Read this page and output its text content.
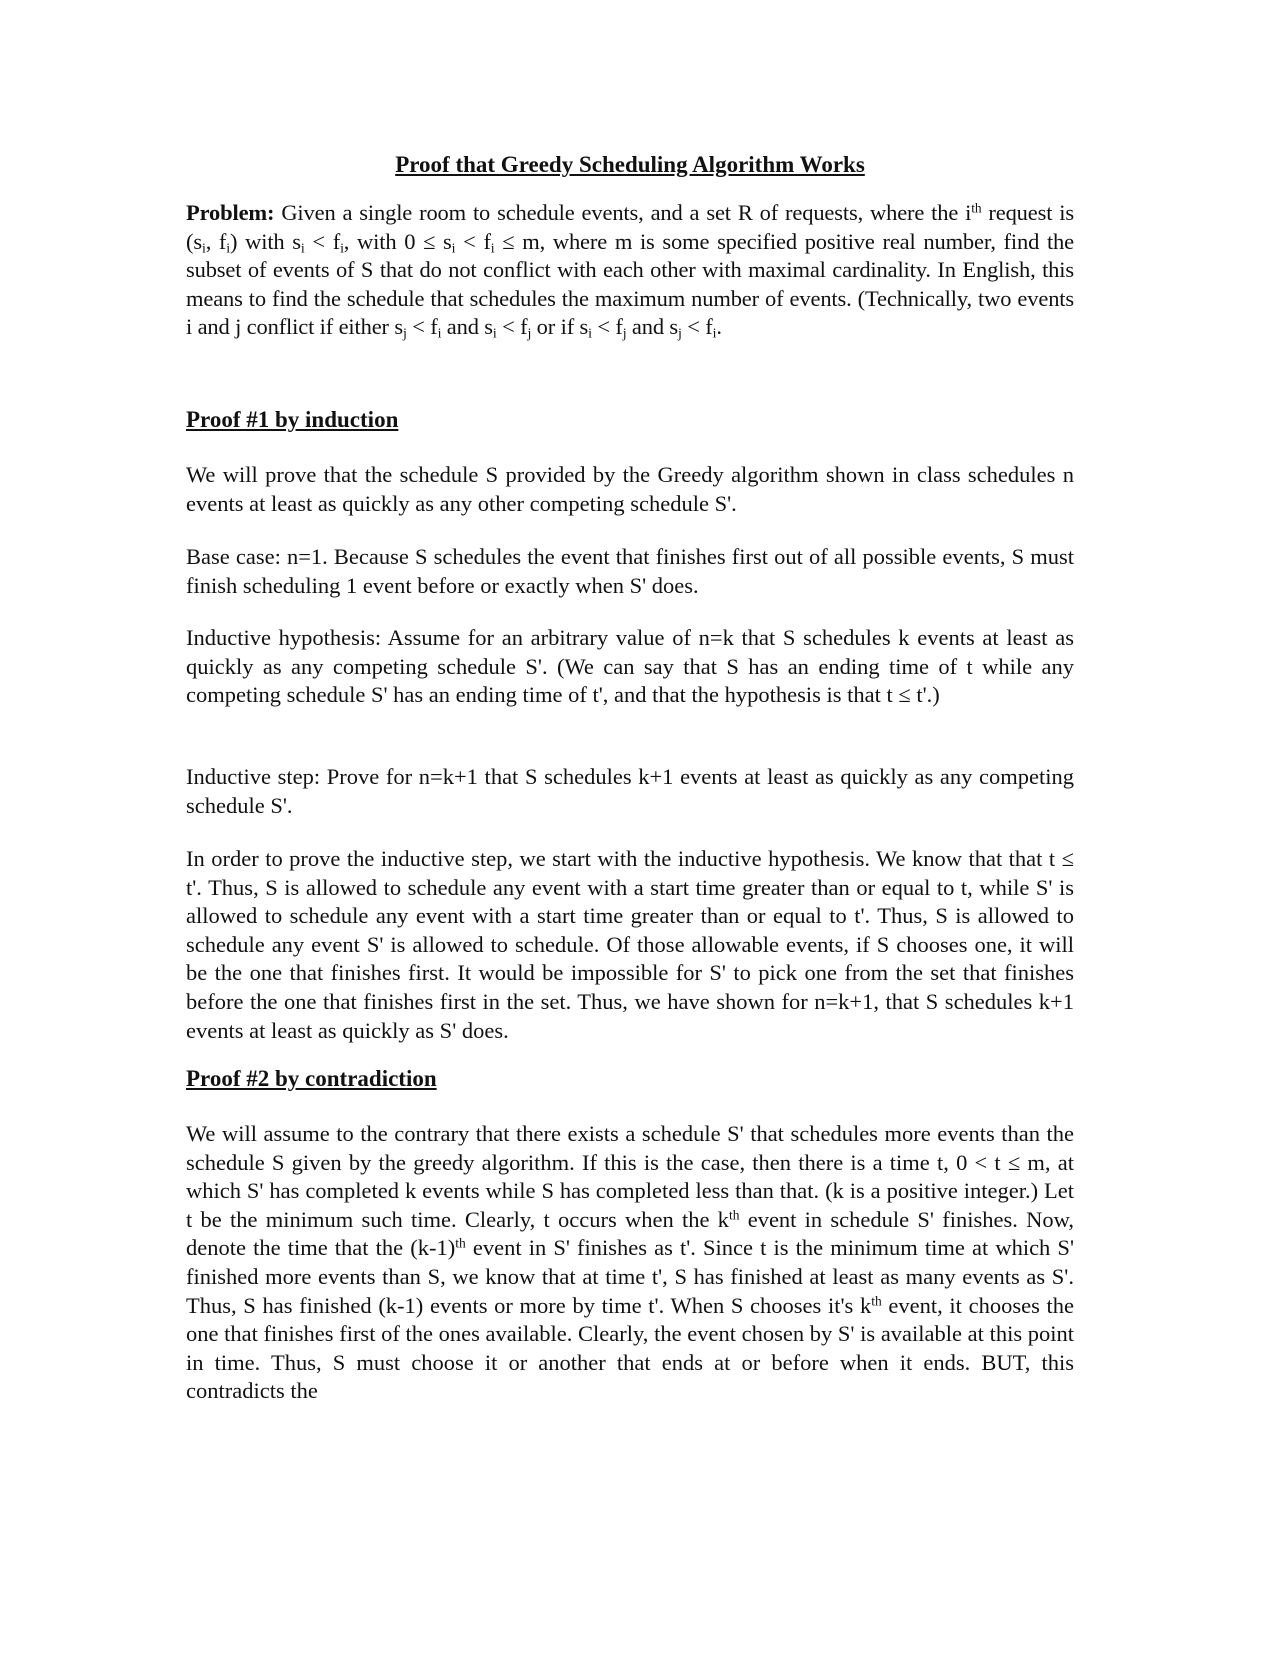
Proof that Greedy Scheduling Algorithm Works

Problem: Given a single room to schedule events, and a set R of requests, where the $i^{th}$ request is ($s_i$, $f_i$) with $s_i < f_i$, with $0 \le s_i < f_i \le m$, where m is some specified positive real number, find the subset of events of S that do not conflict with each other with maximal cardinality. In English, this means to find the schedule that schedules the maximum number of events. (Technically, two events i and j conflict if either $s_j < f_i$ and $s_i < f_j$ or if $s_i < f_j$ and $s_j < f_i$.

Proof #1 by induction

We will prove that the schedule S provided by the Greedy algorithm shown in class schedules n events at least as quickly as any other competing schedule S'.

Base case: n=1. Because S schedules the event that finishes first out of all possible events, S must finish scheduling 1 event before or exactly when S' does.

Inductive hypothesis: Assume for an arbitrary value of n=k that S schedules k events at least as quickly as any competing schedule S'. (We can say that S has an ending time of t while any competing schedule S' has an ending time of t', and that the hypothesis is that t ≤ t'.)

Inductive step: Prove for n=k+1 that S schedules k+1 events at least as quickly as any competing schedule S'.

In order to prove the inductive step, we start with the inductive hypothesis. We know that that t ≤ t'. Thus, S is allowed to schedule any event with a start time greater than or equal to t, while S' is allowed to schedule any event with a start time greater than or equal to t'. Thus, S is allowed to schedule any event S' is allowed to schedule. Of those allowable events, if S chooses one, it will be the one that finishes first. It would be impossible for S' to pick one from the set that finishes before the one that finishes first in the set. Thus, we have shown for n=k+1, that S schedules k+1 events at least as quickly as S' does.

Proof #2 by contradiction

We will assume to the contrary that there exists a schedule S' that schedules more events than the schedule S given by the greedy algorithm. If this is the case, then there is a time t, 0 < t ≤ m, at which S' has completed k events while S has completed less than that. (k is a positive integer.) Let t be the minimum such time. Clearly, t occurs when the $k^{th}$ event in schedule S' finishes. Now, denote the time that the $(k-1)^{th}$ event in S' finishes as t'. Since t is the minimum time at which S' finished more events than S, we know that at time t', S has finished at least as many events as S'. Thus, S has finished (k-1) events or more by time t'. When S chooses it's $k^{th}$ event, it chooses the one that finishes first of the ones available. Clearly, the event chosen by S' is available at this point in time. Thus, S must choose it or another that ends at or before when it ends. BUT, this contradicts the
